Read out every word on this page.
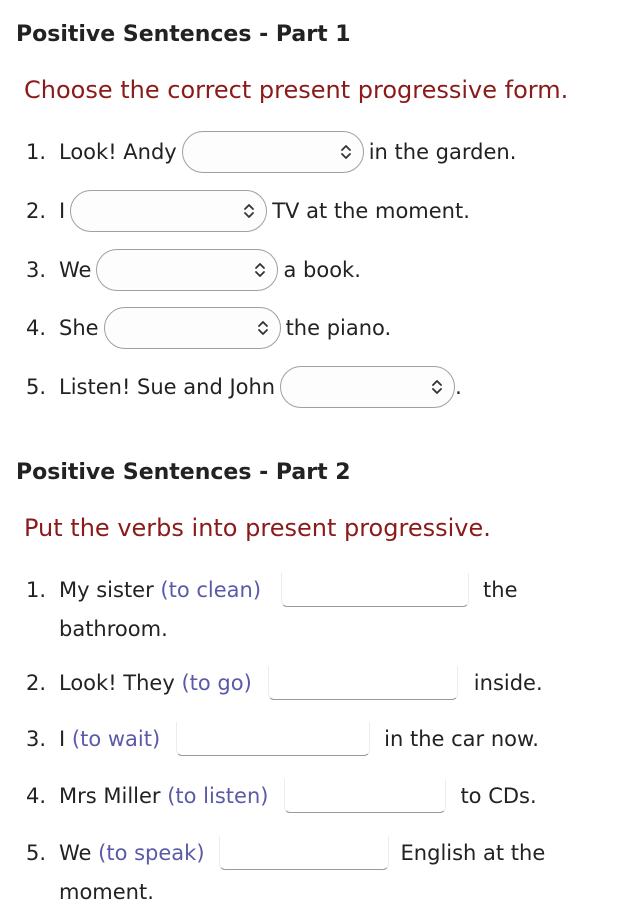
Positive Sentences - Part 1

Choose the correct present progressive form.

1. Look! Andy	in the garden.
2. I	TV at the moment.
3. We	a book.
4. She	the piano.
5. Listen! Sue and John	.
Positive Sentences - Part 2

Put the verbs into present progressive.

1. My sister
(to clean)	the
bathroom.
2. Look! They
(to go)	inside.
3. I
(to wait)	in the car now.
4. Mrs Miller
(to listen)	to CDs.
5. We
(to speak)	English at the
moment.
